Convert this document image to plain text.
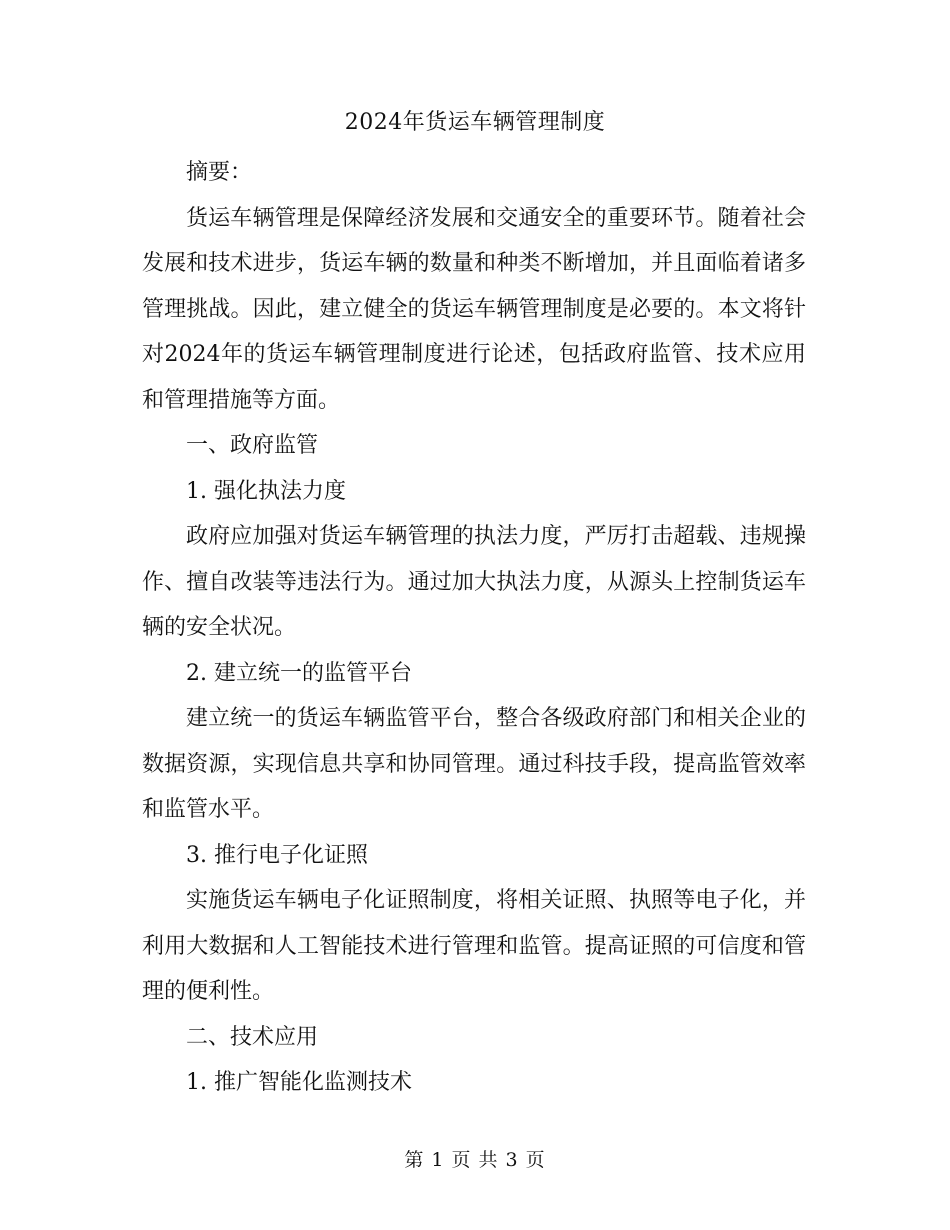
2024年货运车辆管理制度

摘要：

货运车辆管理是保障经济发展和交通安全的重要环节。随着社会发展和技术进步，货运车辆的数量和种类不断增加，并且面临着诸多管理挑战。因此，建立健全的货运车辆管理制度是必要的。本文将针对2024年的货运车辆管理制度进行论述，包括政府监管、技术应用和管理措施等方面。

一、政府监管

1. 强化执法力度

政府应加强对货运车辆管理的执法力度，严厉打击超载、违规操作、擅自改装等违法行为。通过加大执法力度，从源头上控制货运车辆的安全状况。

2. 建立统一的监管平台

建立统一的货运车辆监管平台，整合各级政府部门和相关企业的数据资源，实现信息共享和协同管理。通过科技手段，提高监管效率和监管水平。

3. 推行电子化证照

实施货运车辆电子化证照制度，将相关证照、执照等电子化，并利用大数据和人工智能技术进行管理和监管。提高证照的可信度和管理的便利性。

二、技术应用

1. 推广智能化监测技术

第 1 页 共 3 页
